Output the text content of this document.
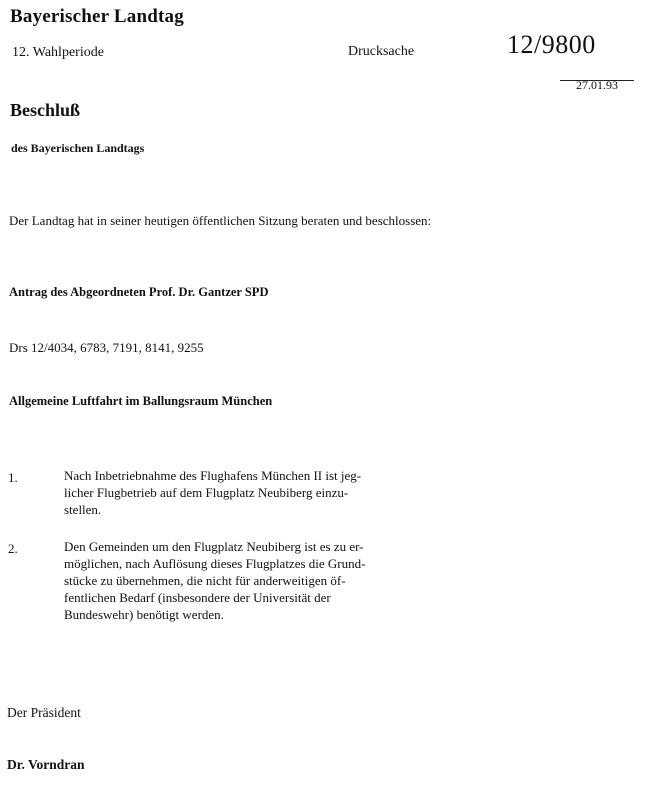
Bayerischer Landtag
12. Wahlperiode	Drucksache	12/9800
27.01.93
Beschluß
des Bayerischen Landtags
Der Landtag hat in seiner heutigen öffentlichen Sitzung beraten und beschlossen:
Antrag des Abgeordneten Prof. Dr. Gantzer SPD
Drs 12/4034, 6783, 7191, 8141, 9255
Allgemeine Luftfahrt im Ballungsraum München
1.	Nach Inbetriebnahme des Flughafens München II ist jeg-
licher Flugbetrieb auf dem Flugplatz Neubiberg einzu-
stellen.
2.	Den Gemeinden um den Flugplatz Neubiberg ist es zu er-
möglichen, nach Auflösung dieses Flugplatzes die Grund-
stücke zu übernehmen, die nicht für anderweitigen öf-
fentlichen Bedarf (insbesondere der Universität der
Bundeswehr) benötigt werden.
Der Präsident
Dr. Vorndran
